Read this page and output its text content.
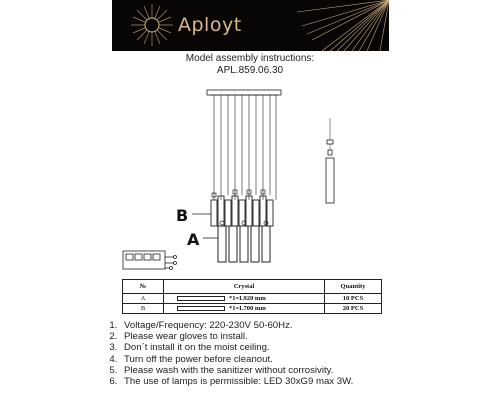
Aployt
Model assembly instructions:
APL.859.06.30
B
A
№	Crystal	Quantity
A	*1=L920 mm	10 PCS
B	*1=L700 mm	20 PCS
1. Voltage/Frequency: 220-230V 50-60Hz.
2. Please wear gloves to install.
3. Don´t install it on the moist ceiling.
4. Turn off the power before cleanout.
5. Please wash with the sanitizer without corrosivity.
6. The use of lamps is permissible: LED 30xG9 max 3W.
